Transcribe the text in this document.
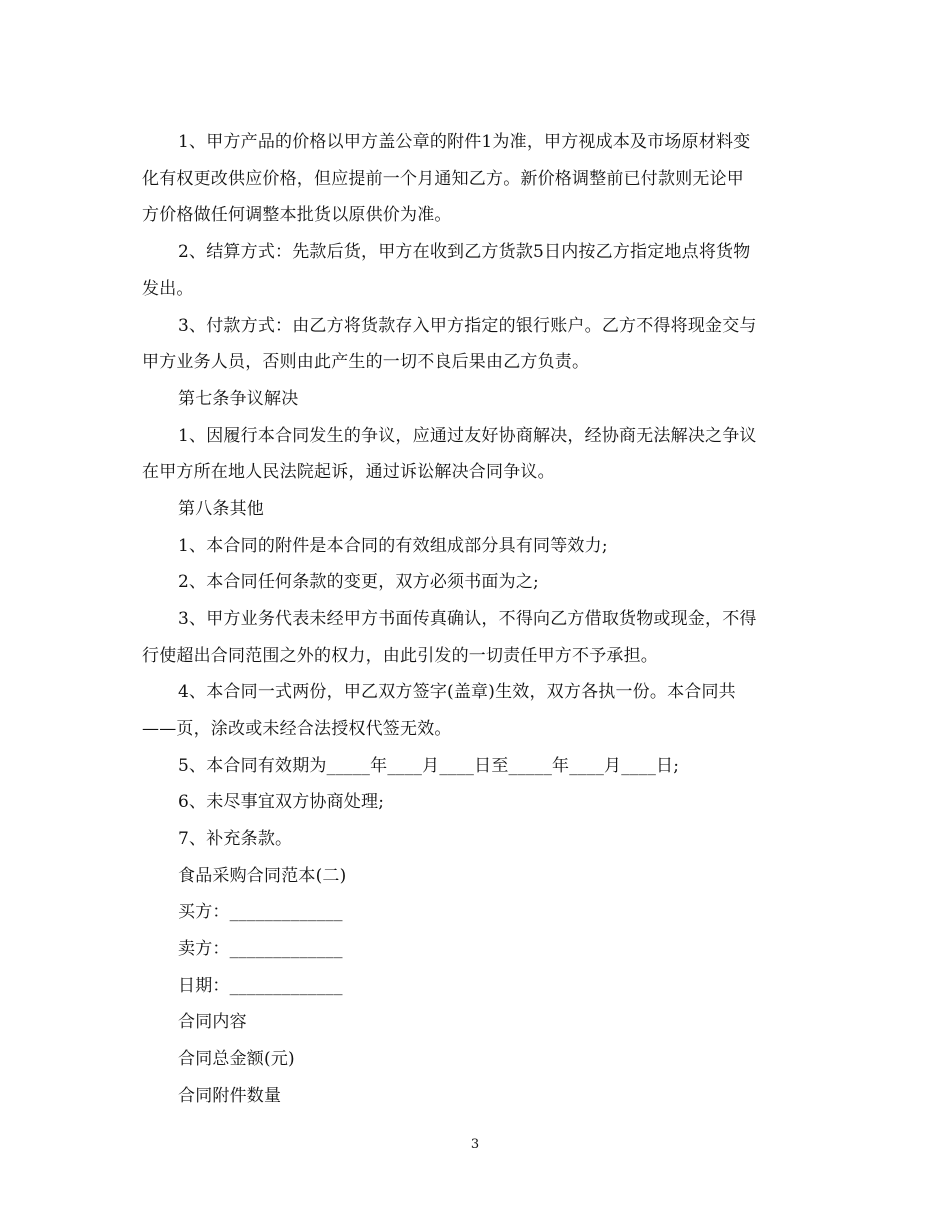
1、甲方产品的价格以甲方盖公章的附件1为准，甲方视成本及市场原材料变
化有权更改供应价格，但应提前一个月通知乙方。新价格调整前已付款则无论甲
方价格做任何调整本批货以原供价为准。
2、结算方式：先款后货，甲方在收到乙方货款5日内按乙方指定地点将货物
发出。
3、付款方式：由乙方将货款存入甲方指定的银行账户。乙方不得将现金交与
甲方业务人员，否则由此产生的一切不良后果由乙方负责。
第七条争议解决
1、因履行本合同发生的争议，应通过友好协商解决，经协商无法解决之争议
在甲方所在地人民法院起诉，通过诉讼解决合同争议。
第八条其他
1、本合同的附件是本合同的有效组成部分具有同等效力;
2、本合同任何条款的变更，双方必须书面为之;
3、甲方业务代表未经甲方书面传真确认，不得向乙方借取货物或现金，不得
行使超出合同范围之外的权力，由此引发的一切责任甲方不予承担。
4、本合同一式两份，甲乙双方签字(盖章)生效，双方各执一份。本合同共
——页，涂改或未经合法授权代签无效。
5、本合同有效期为_____年____月____日至_____年____月____日;
6、未尽事宜双方协商处理;
7、补充条款。
食品采购合同范本(二)
买方：_____________
卖方：_____________
日期：_____________
合同内容
合同总金额(元)
合同附件数量
3
